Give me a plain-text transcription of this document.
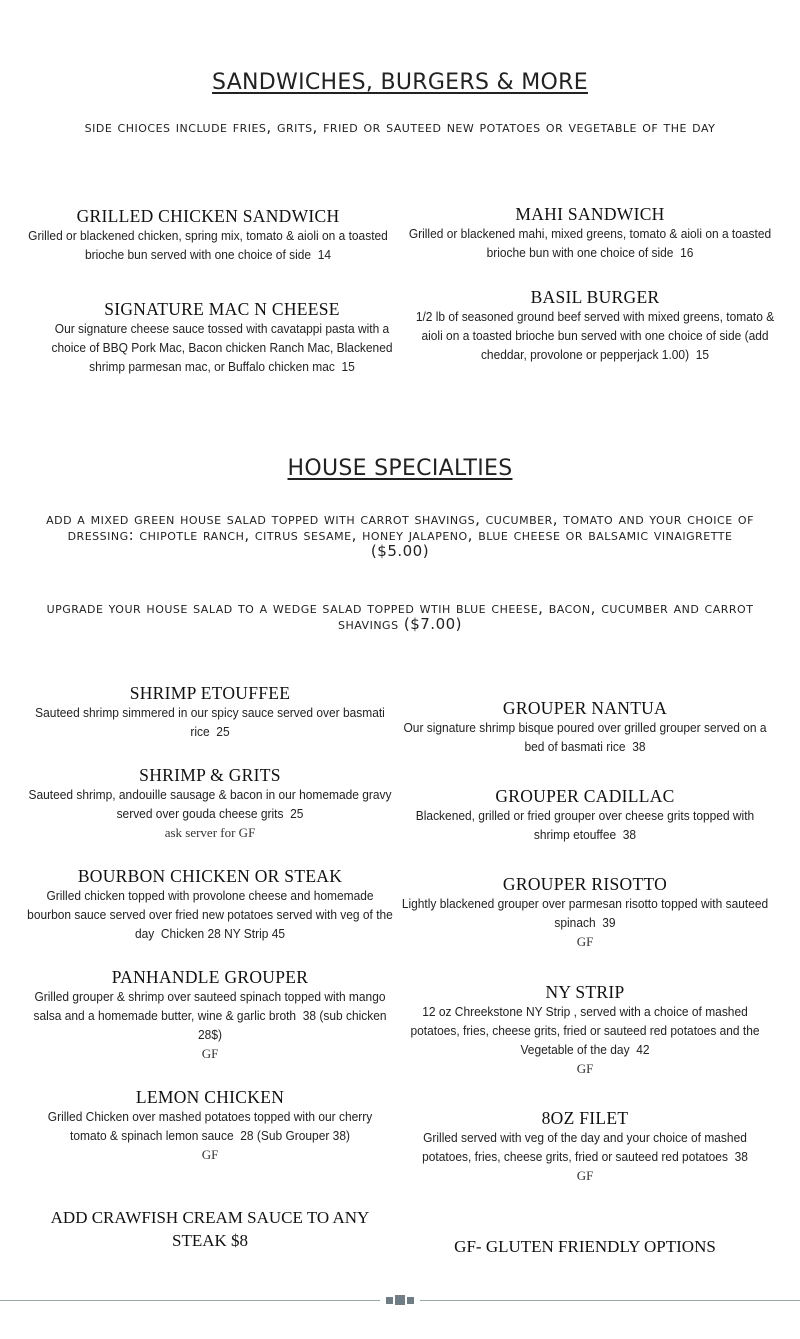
SANDWICHES, BURGERS & MORE
side chioces include fries, grits, fried or sauteed new potatoes or vegetable of the day
GRILLED CHICKEN SANDWICH
Grilled or blackened chicken, spring mix, tomato & aioli on a toasted brioche bun served with one choice of side 14
MAHI SANDWICH
Grilled or blackened mahi, mixed greens, tomato & aioli on a toasted brioche bun with one choice of side 16
SIGNATURE MAC N CHEESE
Our signature cheese sauce tossed with cavatappi pasta with a choice of BBQ Pork Mac, Bacon chicken Ranch Mac, Blackened shrimp parmesan mac, or Buffalo chicken mac 15
BASIL BURGER
1/2 lb of seasoned ground beef served with mixed greens, tomato & aioli on a toasted brioche bun served with one choice of side (add cheddar, provolone or pepperjack 1.00) 15
HOUSE SPECIALTIES
add a mixed green house salad topped with carrot shavings, cucumber, tomato and your choice of dressing: chipotle ranch, citrus sesame, honey jalapeno, blue cheese or balsamic vinaigrette ($5.00)
upgrade your house salad to a wedge salad topped wtih blue cheese, bacon, cucumber and carrot shavings ($7.00)
SHRIMP ETOUFFEE
Sauteed shrimp simmered in our spicy sauce served over basmati rice 25
SHRIMP & GRITS
Sauteed shrimp, andouille sausage & bacon in our homemade gravy served over gouda cheese grits 25
ask server for GF
BOURBON CHICKEN OR STEAK
Grilled chicken topped with provolone cheese and homemade bourbon sauce served over fried new potatoes served with veg of the day Chicken 28 NY Strip 45
PANHANDLE GROUPER
Grilled grouper & shrimp over sauteed spinach topped with mango salsa and a homemade butter, wine & garlic broth 38 (sub chicken 28$)
GF
LEMON CHICKEN
Grilled Chicken over mashed potatoes topped with our cherry tomato & spinach lemon sauce 28 (Sub Grouper 38)
GF
ADD CRAWFISH CREAM SAUCE TO ANY STEAK $8
GROUPER NANTUA
Our signature shrimp bisque poured over grilled grouper served on a bed of basmati rice 38
GROUPER CADILLAC
Blackened, grilled or fried grouper over cheese grits topped with shrimp etouffee 38
GROUPER RISOTTO
Lightly blackened grouper over parmesan risotto topped with sauteed spinach 39
GF
NY STRIP
12 oz Chreekstone NY Strip , served with a choice of mashed potatoes, fries, cheese grits, fried or sauteed red potatoes and the Vegetable of the day 42
GF
8OZ FILET
Grilled served with veg of the day and your choice of mashed potatoes, fries, cheese grits, fried or sauteed red potatoes 38
GF
GF- GLUTEN FRIENDLY OPTIONS
